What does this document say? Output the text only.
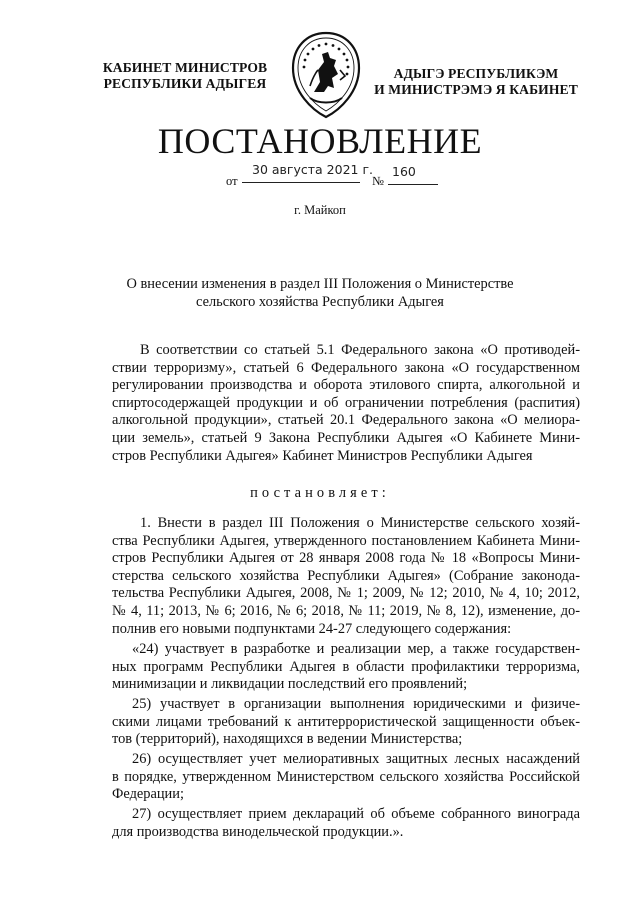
КАБИНЕТ МИНИСТРОВ
РЕСПУБЛИКИ АДЫГЕЯ
АДЫГЭ РЕСПУБЛИКЭМ
И МИНИСТРЭМЭ Я КАБИНЕТ
ПОСТАНОВЛЕНИЕ
от
30 августа 2021 г.
№
160
г. Майкоп
О внесении изменения в раздел III Положения о Министерстве
сельского хозяйства Республики Адыгея
В соответствии со статьей 5.1 Федерального закона «О противодей-
ствии терроризму», статьей 6 Федерального закона «О государственном
регулировании производства и оборота этилового спирта, алкогольной и
спиртосодержащей продукции и об ограничении потребления (распития)
алкогольной продукции», статьей 20.1 Федерального закона «О мелиора-
ции земель», статьей 9 Закона Республики Адыгея «О Кабинете Мини-
стров Республики Адыгея» Кабинет Министров Республики Адыгея
постановляет:
1. Внести в раздел III Положения о Министерстве сельского хозяй-
ства Республики Адыгея, утвержденного постановлением Кабинета Мини-
стров Республики Адыгея от 28 января 2008 года № 18 «Вопросы Мини-
стерства сельского хозяйства Республики Адыгея» (Собрание законода-
тельства Республики Адыгея, 2008, № 1; 2009, № 12; 2010, № 4, 10; 2012,
№ 4, 11; 2013, № 6; 2016, № 6; 2018, № 11; 2019, № 8, 12), изменение, до-
полнив его новыми подпунктами 24-27 следующего содержания:
«24) участвует в разработке и реализации мер, а также государствен-
ных программ Республики Адыгея в области профилактики терроризма,
минимизации и ликвидации последствий его проявлений;
25) участвует в организации выполнения юридическими и физиче-
скими лицами требований к антитеррористической защищенности объек-
тов (территорий), находящихся в ведении Министерства;
26) осуществляет учет мелиоративных защитных лесных насаждений
в порядке, утвержденном Министерством сельского хозяйства Российской
Федерации;
27) осуществляет прием деклараций об объеме собранного винограда
для производства винодельческой продукции.».
